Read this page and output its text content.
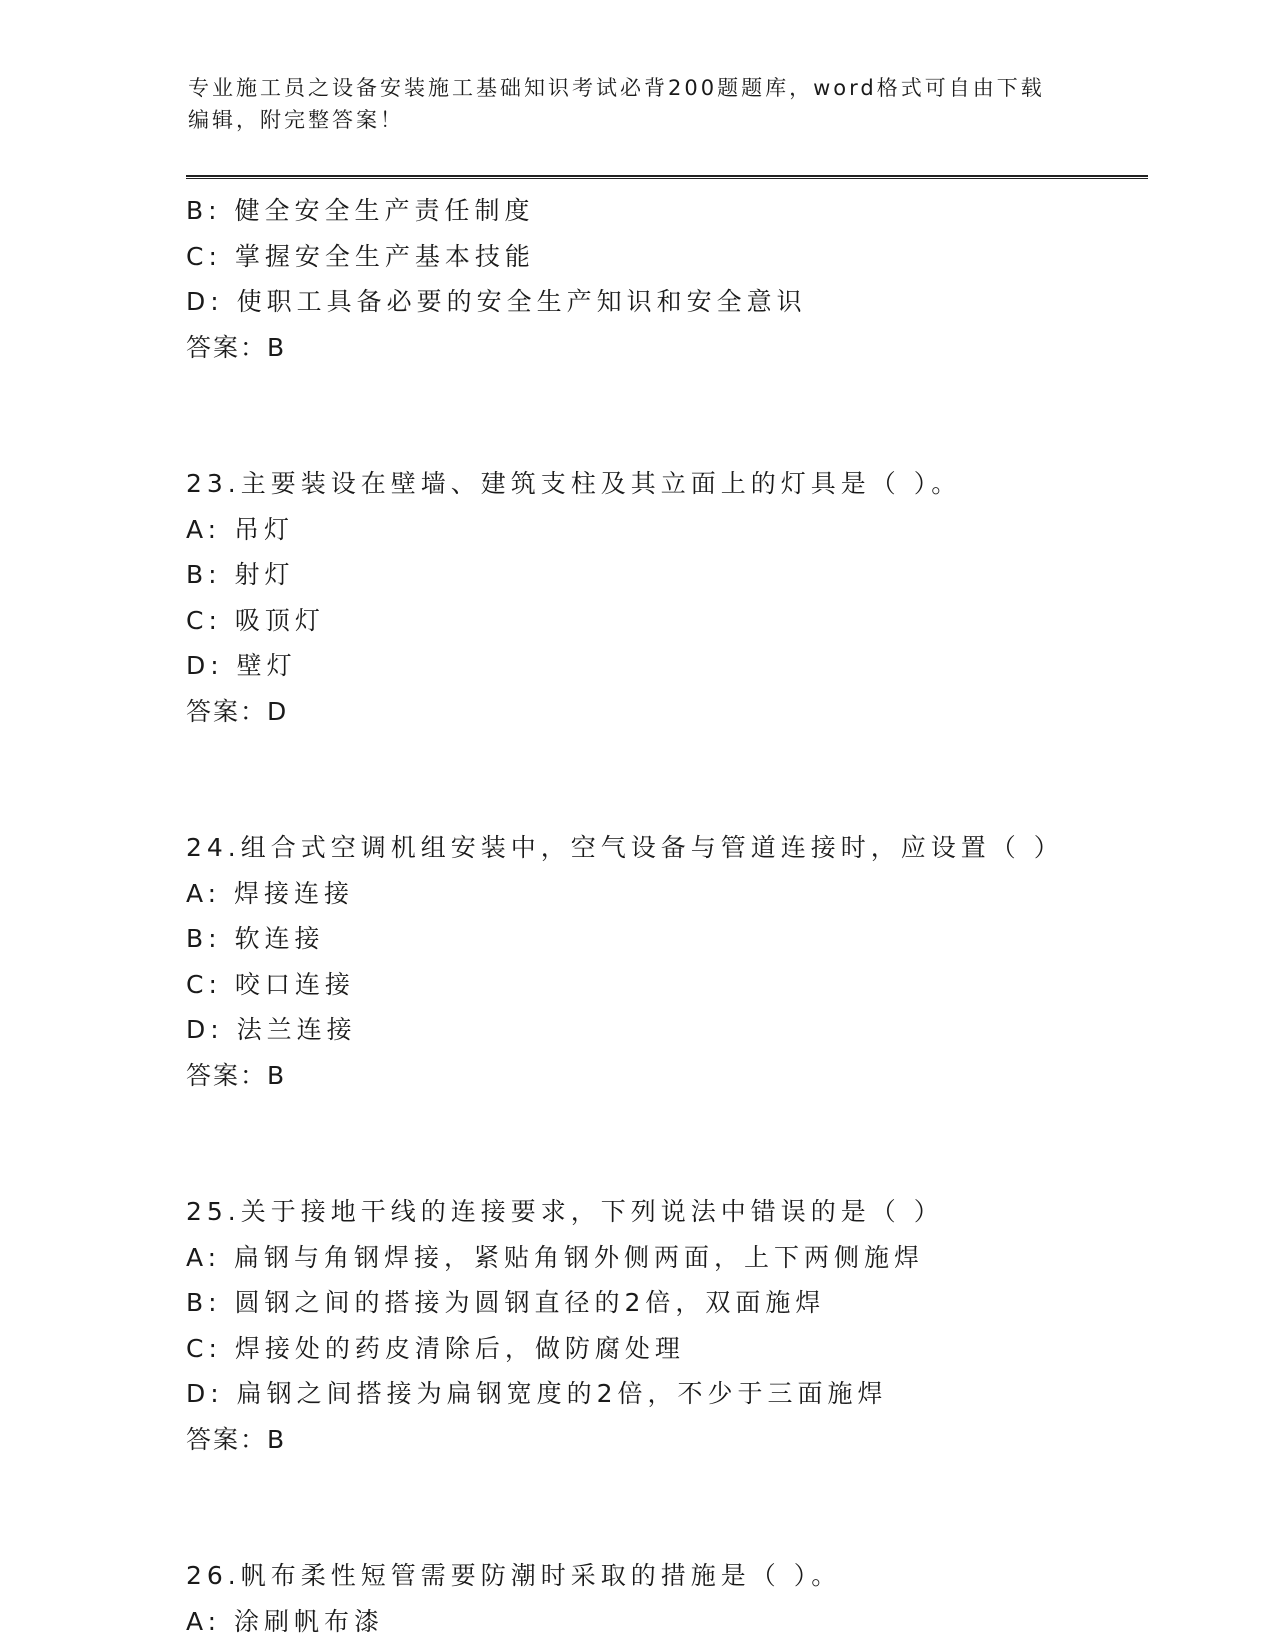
专业施工员之设备安装施工基础知识考试必背200题题库，word格式可自由下载
编辑，附完整答案！
B: 健全安全生产责任制度
C: 掌握安全生产基本技能
D: 使职工具备必要的安全生产知识和安全意识
答案：B
23.主要装设在壁墙、建筑支柱及其立面上的灯具是（ ）。
A: 吊灯
B: 射灯
C: 吸顶灯
D: 壁灯
答案：D
24.组合式空调机组安装中，空气设备与管道连接时，应设置（ ）
A: 焊接连接
B: 软连接
C: 咬口连接
D: 法兰连接
答案：B
25.关于接地干线的连接要求，下列说法中错误的是（ ）
A: 扁钢与角钢焊接，紧贴角钢外侧两面，上下两侧施焊
B: 圆钢之间的搭接为圆钢直径的2倍，双面施焊
C: 焊接处的药皮清除后，做防腐处理
D: 扁钢之间搭接为扁钢宽度的2倍，不少于三面施焊
答案：B
26.帆布柔性短管需要防潮时采取的措施是（ ）。
A: 涂刷帆布漆
